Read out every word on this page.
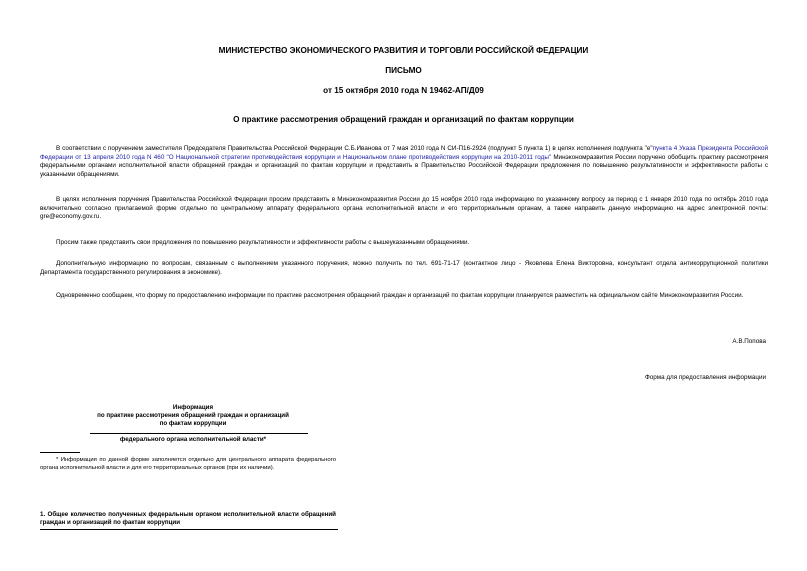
МИНИСТЕРСТВО ЭКОНОМИЧЕСКОГО РАЗВИТИЯ И ТОРГОВЛИ РОССИЙСКОЙ ФЕДЕРАЦИИ
ПИСЬМО
от 15 октября 2010 года N 19462-АП/Д09
О практике рассмотрения обращений граждан и организаций по фактам коррупции
В соответствии с поручением заместителя Председателя Правительства Российской Федерации С.Б.Иванова от 7 мая 2010 года N СИ-П16-2924 (подпункт 5 пункта 1) в целях исполнения подпункта "е"пункта 4 Указа Президента Российской Федерации от 13 апреля 2010 года N 460 "О Национальной стратегии противодействия коррупции и Национальном плане противодействия коррупции на 2010-2011 годы" Минэкономразвития России поручено обобщить практику рассмотрения федеральными органами исполнительной власти обращений граждан и организаций по фактам коррупции и представить в Правительство Российской Федерации предложения по повышению результативности и эффективности работы с указанными обращениями.
В целях исполнения поручения Правительства Российской Федерации просим представить в Минэкономразвития России до 15 ноября 2010 года информацию по указанному вопросу за период с 1 января 2010 года по октябрь 2010 года включительно согласно прилагаемой форме отдельно по центральному аппарату федерального органа исполнительной власти и его территориальным органам, а также направить данную информацию на адрес электронной почты: gre@economy.gov.ru.
Просим также представить свои предложения по повышению результативности и эффективности работы с вышеуказанными обращениями.
Дополнительную информацию по вопросам, связанным с выполнением указанного поручения, можно получить по тел. 691-71-17 (контактное лицо - Яковлева Елена Викторовна, консультант отдела антикоррупционной политики Департамента государственного регулирования в экономике).
Одновременно сообщаем, что форму по предоставлению информации по практике рассмотрения обращений граждан и организаций по фактам коррупции планируется разместить на официальном сайте Минэкономразвития России.
А.В.Попова
Форма для предоставления информации
Информация
по практике рассмотрения обращений граждан и организаций
по фактам коррупции
федерального органа исполнительной власти*
* Информация по данной форме заполняется отдельно для центрального аппарата федерального органа исполнительной власти и для его территориальных органов (при их наличии).
1. Общее количество полученных федеральным органом исполнительной власти обращений граждан и организаций по фактам коррупции
